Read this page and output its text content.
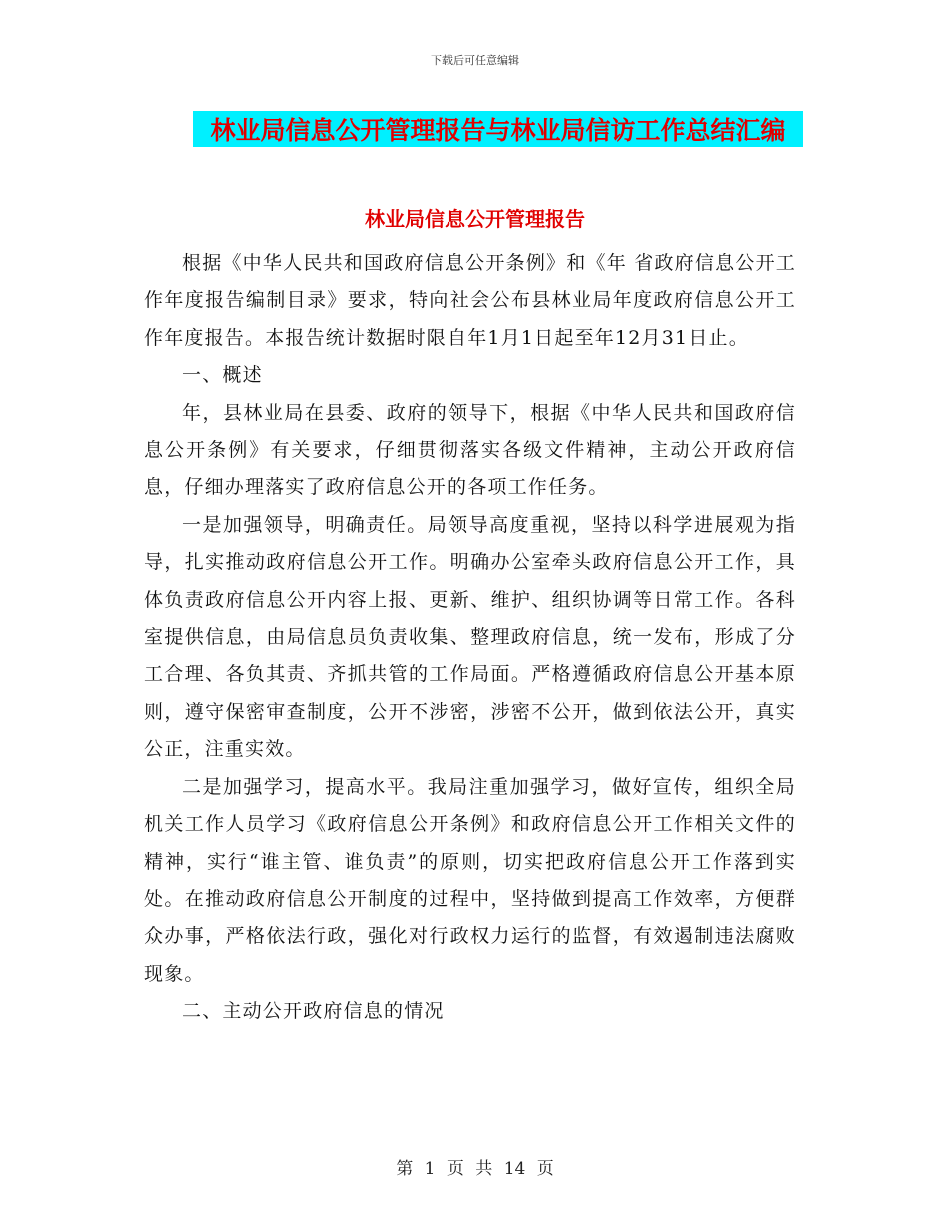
下载后可任意编辑
林业局信息公开管理报告与林业局信访工作总结汇编
林业局信息公开管理报告

根据《中华人民共和国政府信息公开条例》和《年 省政府信息公开工作年度报告编制目录》要求，特向社会公布县林业局年度政府信息公开工作年度报告。本报告统计数据时限自年1月1日起至年12月31日止。

一、概述

年，县林业局在县委、政府的领导下，根据《中华人民共和国政府信息公开条例》有关要求，仔细贯彻落实各级文件精神，主动公开政府信息，仔细办理落实了政府信息公开的各项工作任务。

一是加强领导，明确责任。局领导高度重视，坚持以科学进展观为指导，扎实推动政府信息公开工作。明确办公室牵头政府信息公开工作，具体负责政府信息公开内容上报、更新、维护、组织协调等日常工作。各科室提供信息，由局信息员负责收集、整理政府信息，统一发布，形成了分工合理、各负其责、齐抓共管的工作局面。严格遵循政府信息公开基本原则，遵守保密审查制度，公开不涉密，涉密不公开，做到依法公开，真实公正，注重实效。

二是加强学习，提高水平。我局注重加强学习，做好宣传，组织全局机关工作人员学习《政府信息公开条例》和政府信息公开工作相关文件的精神，实行“谁主管、谁负责”的原则，切实把政府信息公开工作落到实处。在推动政府信息公开制度的过程中，坚持做到提高工作效率，方便群众办事，严格依法行政，强化对行政权力运行的监督，有效遏制违法腐败现象。

二、主动公开政府信息的情况

第 1 页 共 14 页
